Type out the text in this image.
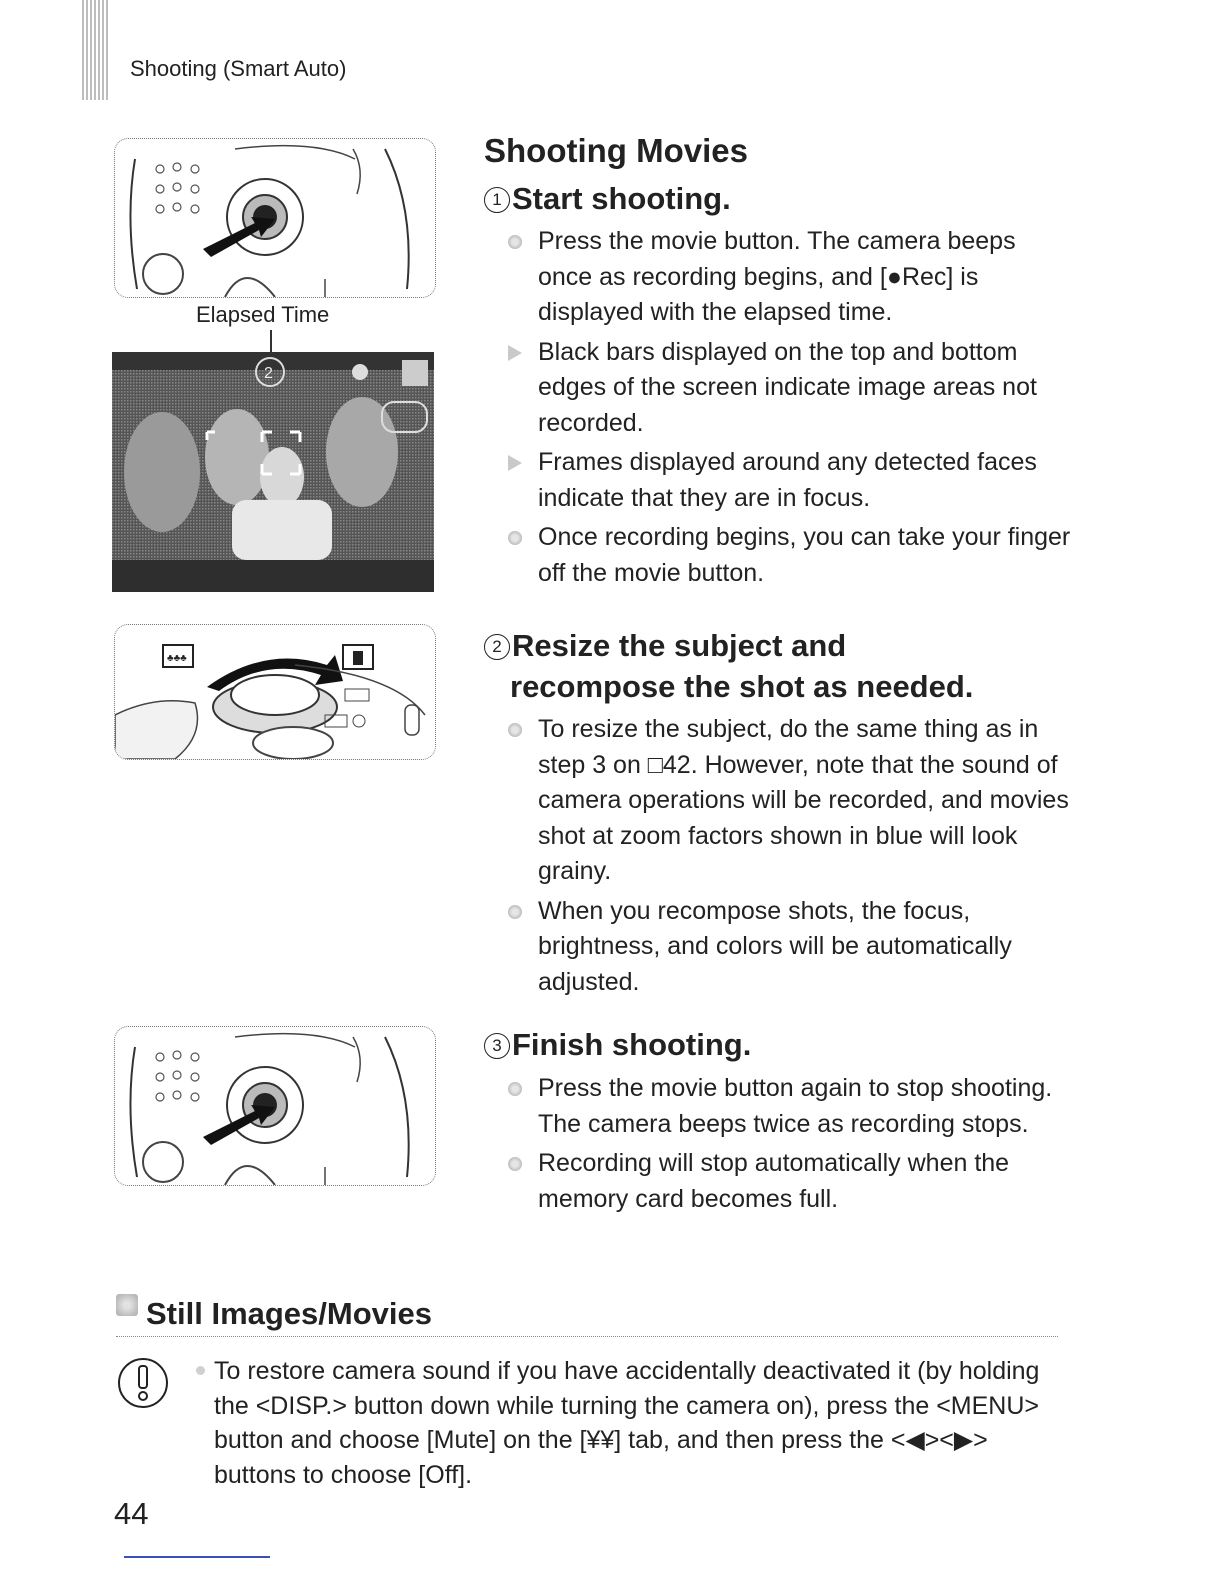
Shooting (Smart Auto)
Elapsed Time
2
♣♣♣
Shooting Movies
1 Start shooting.
Press the movie button. The camera beeps once as recording begins, and [●Rec] is displayed with the elapsed time.
Black bars displayed on the top and bottom edges of the screen indicate image areas not recorded.
Frames displayed around any detected faces indicate that they are in focus.
Once recording begins, you can take your finger off the movie button.
2 Resize the subject and
recompose the shot as needed.
To resize the subject, do the same thing as in step 3 on □42. However, note that the sound of camera operations will be recorded, and movies shot at zoom factors shown in blue will look grainy.
When you recompose shots, the focus, brightness, and colors will be automatically adjusted.
3 Finish shooting.
Press the movie button again to stop shooting. The camera beeps twice as recording stops.
Recording will stop automatically when the memory card becomes full.
Still Images/Movies
To restore camera sound if you have accidentally deactivated it (by holding the <DISP.> button down while turning the camera on), press the <MENU> button and choose [Mute] on the [¥¥] tab, and then press the <◀><▶> buttons to choose [Off].
44
